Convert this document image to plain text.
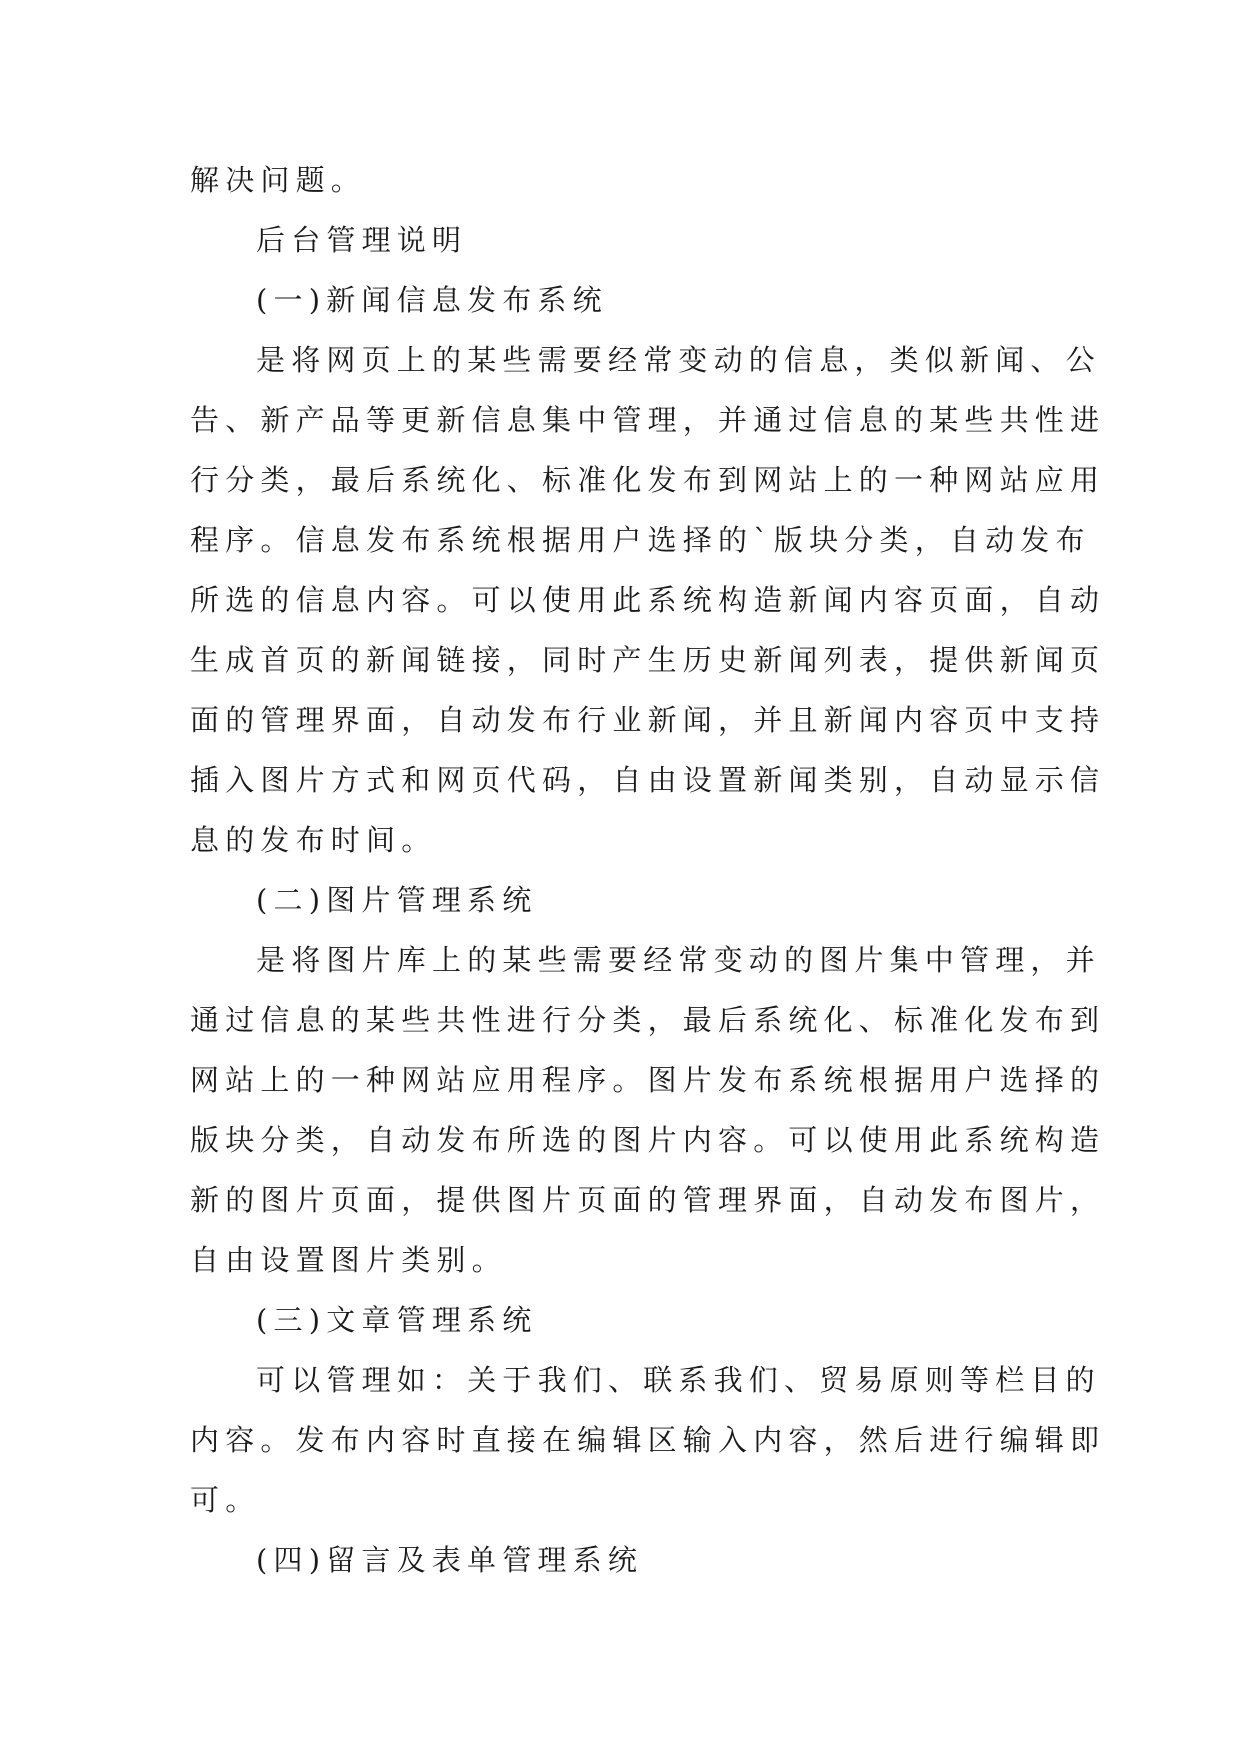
解决问题。
后台管理说明
(一)新闻信息发布系统
是将网页上的某些需要经常变动的信息，类似新闻、公
告、新产品等更新信息集中管理，并通过信息的某些共性进
行分类，最后系统化、标准化发布到网站上的一种网站应用
程序。信息发布系统根据用户选择的`版块分类，自动发布
所选的信息内容。可以使用此系统构造新闻内容页面，自动
生成首页的新闻链接，同时产生历史新闻列表，提供新闻页
面的管理界面，自动发布行业新闻，并且新闻内容页中支持
插入图片方式和网页代码，自由设置新闻类别，自动显示信
息的发布时间。
(二)图片管理系统
是将图片库上的某些需要经常变动的图片集中管理，并
通过信息的某些共性进行分类，最后系统化、标准化发布到
网站上的一种网站应用程序。图片发布系统根据用户选择的
版块分类，自动发布所选的图片内容。可以使用此系统构造
新的图片页面，提供图片页面的管理界面，自动发布图片，
自由设置图片类别。
(三)文章管理系统
可以管理如：关于我们、联系我们、贸易原则等栏目的
内容。发布内容时直接在编辑区输入内容，然后进行编辑即
可。
(四)留言及表单管理系统
